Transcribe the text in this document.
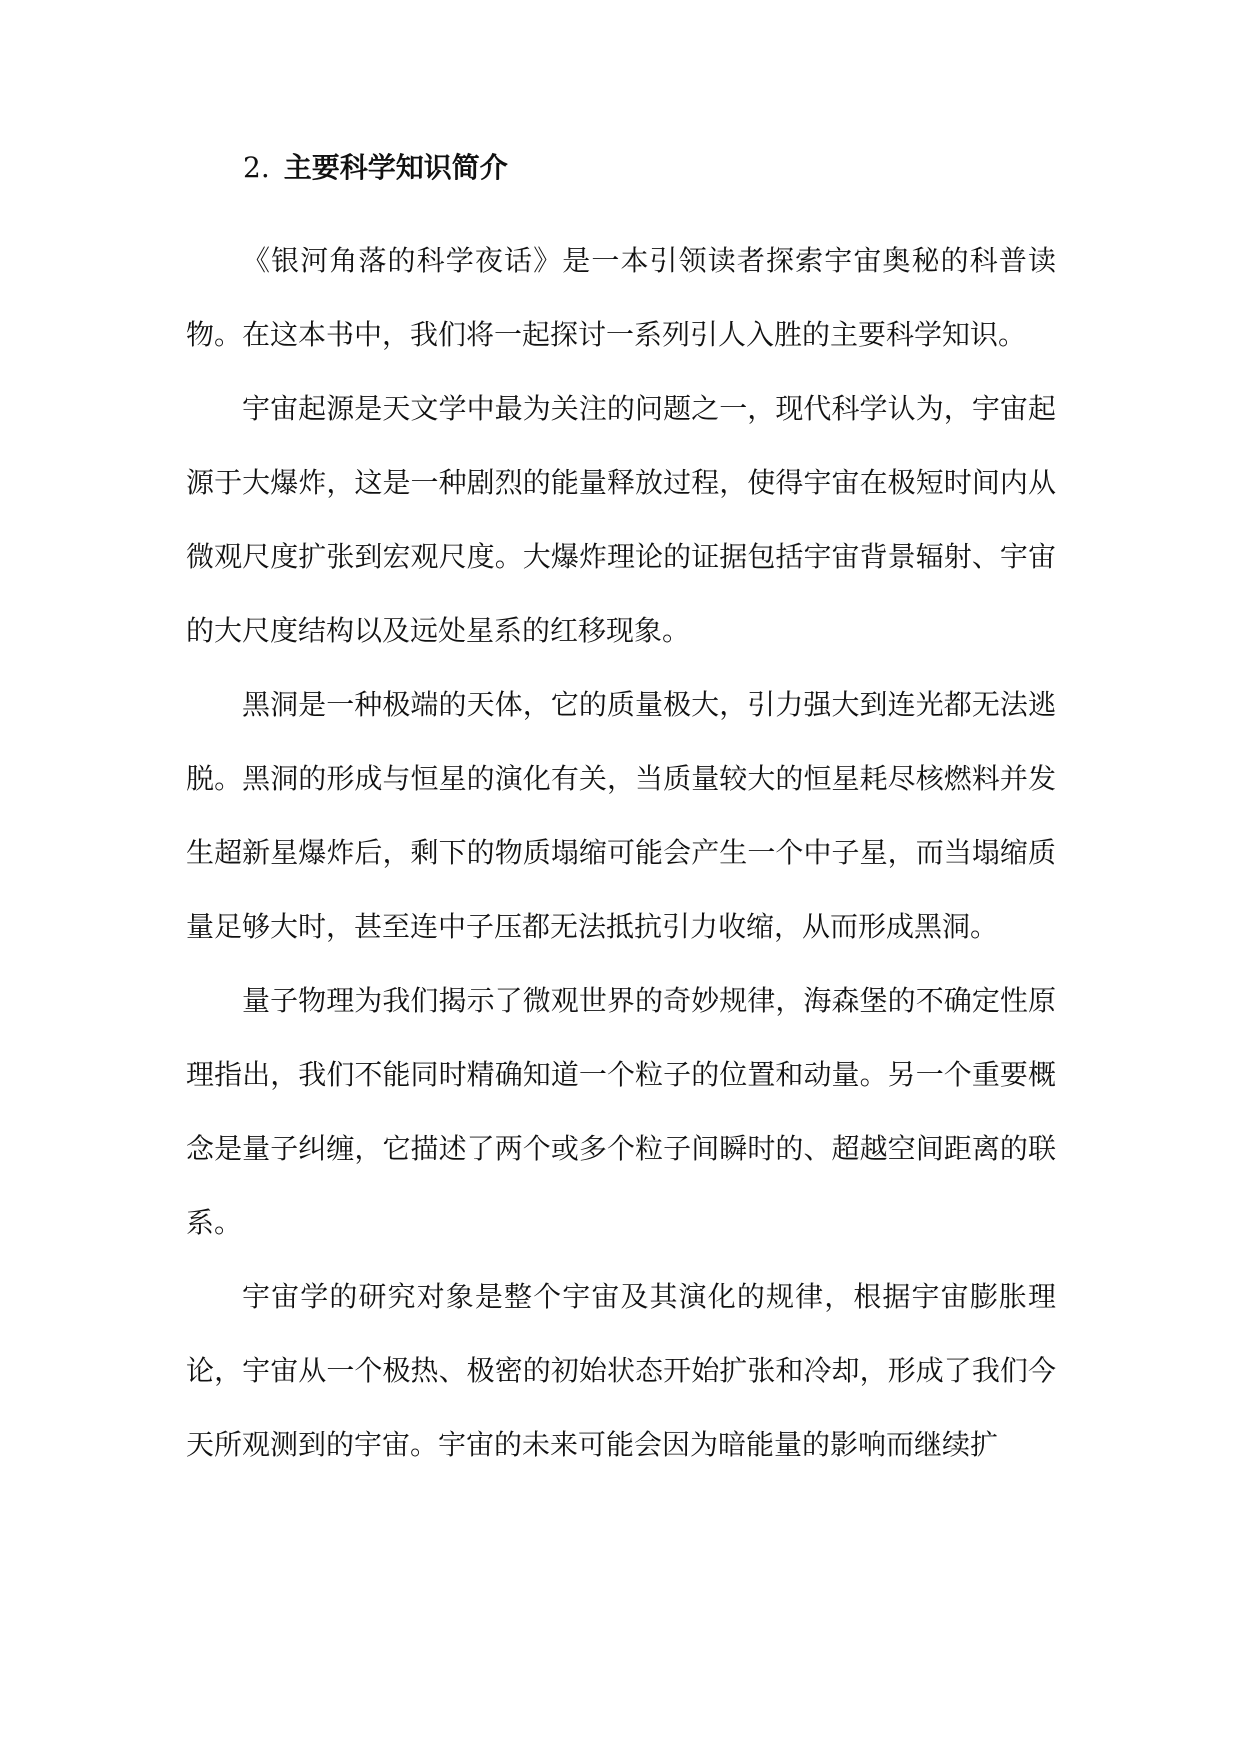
2. 主要科学知识简介

《银河角落的科学夜话》是一本引领读者探索宇宙奥秘的科普读物。在这本书中，我们将一起探讨一系列引人入胜的主要科学知识。

宇宙起源是天文学中最为关注的问题之一，现代科学认为，宇宙起源于大爆炸，这是一种剧烈的能量释放过程，使得宇宙在极短时间内从微观尺度扩张到宏观尺度。大爆炸理论的证据包括宇宙背景辐射、宇宙的大尺度结构以及远处星系的红移现象。

黑洞是一种极端的天体，它的质量极大，引力强大到连光都无法逃脱。黑洞的形成与恒星的演化有关，当质量较大的恒星耗尽核燃料并发生超新星爆炸后，剩下的物质塌缩可能会产生一个中子星，而当塌缩质量足够大时，甚至连中子压都无法抵抗引力收缩，从而形成黑洞。

量子物理为我们揭示了微观世界的奇妙规律，海森堡的不确定性原理指出，我们不能同时精确知道一个粒子的位置和动量。另一个重要概念是量子纠缠，它描述了两个或多个粒子间瞬时的、超越空间距离的联系。

宇宙学的研究对象是整个宇宙及其演化的规律，根据宇宙膨胀理论，宇宙从一个极热、极密的初始状态开始扩张和冷却，形成了我们今天所观测到的宇宙。宇宙的未来可能会因为暗能量的影响而继续扩
